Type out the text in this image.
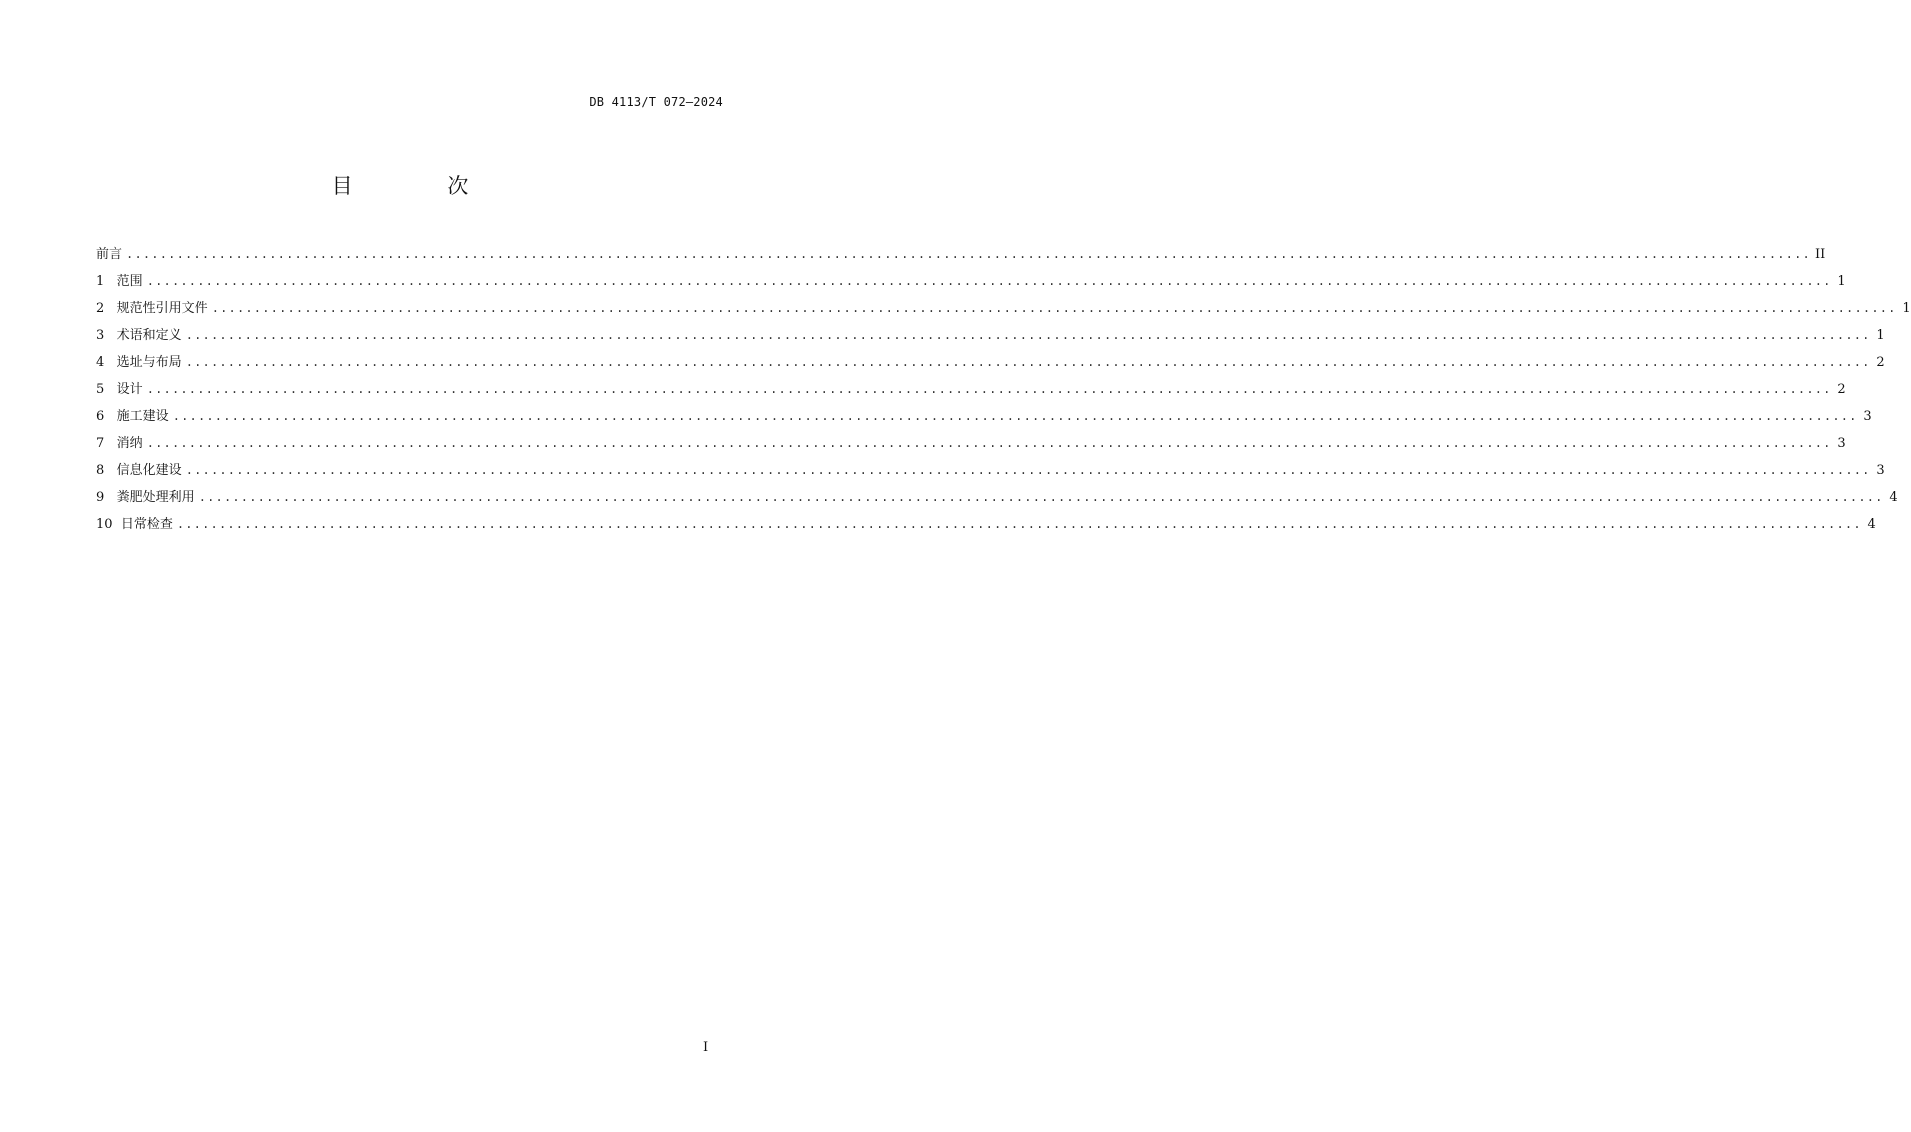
DB 4113/T 072—2024
目 次
前言 ........................................................................................................................................................................................................ II
1 范围 ........................................................................................................................................................................................................ 1
2 规范性引用文件 ........................................................................................................................................................................................................ 1
3 术语和定义 ........................................................................................................................................................................................................ 1
4 选址与布局 ........................................................................................................................................................................................................ 2
5 设计 ........................................................................................................................................................................................................ 2
6 施工建设 ........................................................................................................................................................................................................ 3
7 消纳 ........................................................................................................................................................................................................ 3
8 信息化建设 ........................................................................................................................................................................................................ 3
9 粪肥处理利用 ........................................................................................................................................................................................................ 4
10 日常检查 ........................................................................................................................................................................................................ 4
I
